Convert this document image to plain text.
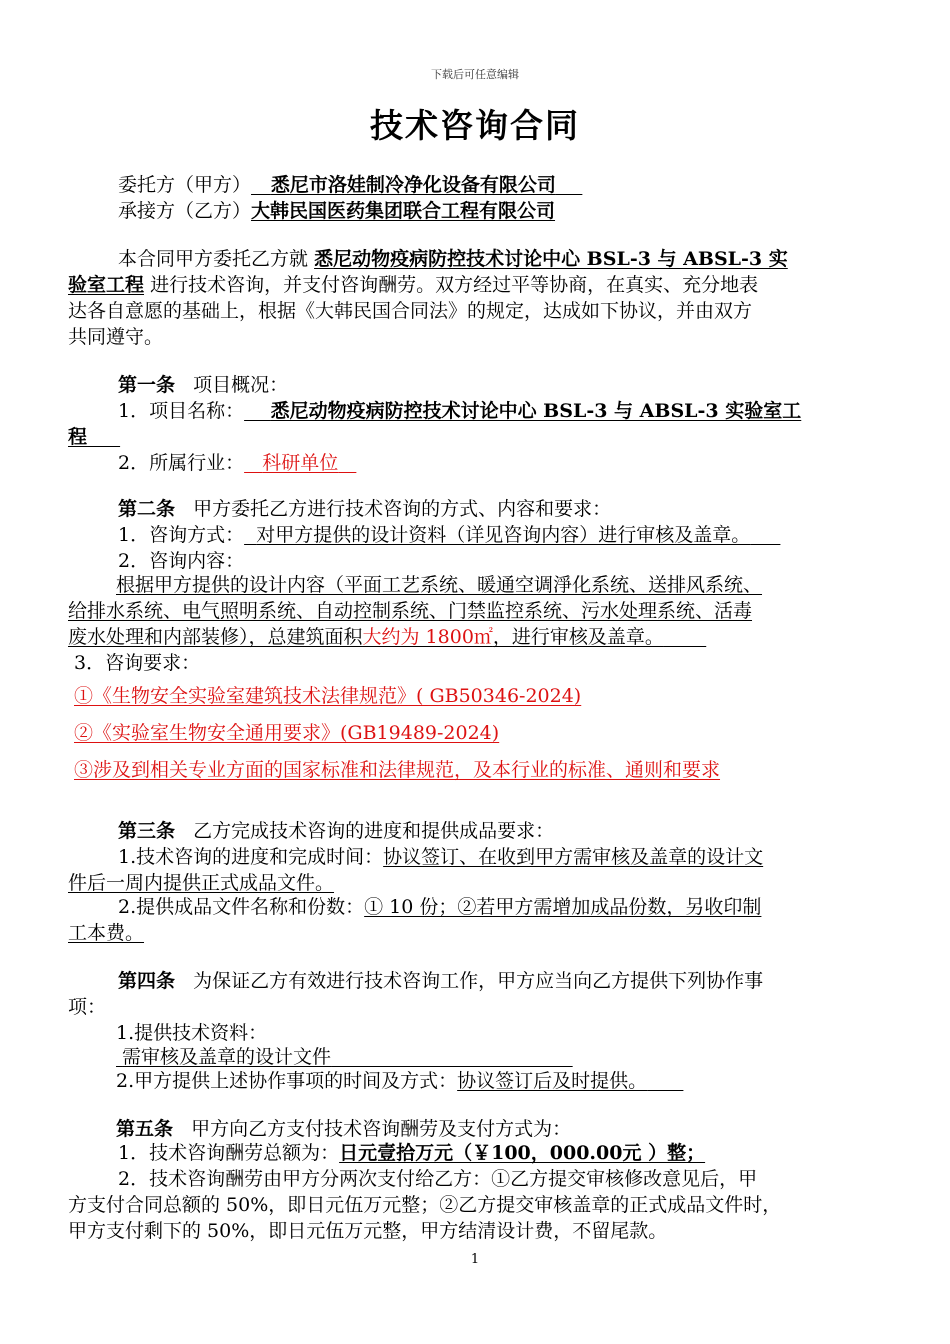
下载后可任意编辑
技术咨询合同
委托方（甲方） 悉尼市洛娃制冷净化设备有限公司
承接方（乙方）大韩民国医药集团联合工程有限公司
本合同甲方委托乙方就 悉尼动物疫病防控技术讨论中心 BSL-3 与 ABSL-3 实
验室工程 进行技术咨询，并支付咨询酬劳。双方经过平等协商，在真实、充分地表
达各自意愿的基础上，根据《大韩民国合同法》的规定，达成如下协议，并由双方
共同遵守。
第一条 项目概况：
1．项目名称： 悉尼动物疫病防控技术讨论中心 BSL-3 与 ABSL-3 实验室工
程
2．所属行业： 科研单位
第二条 甲方委托乙方进行技术咨询的方式、内容和要求：
1．咨询方式： 对甲方提供的设计资料（详见咨询内容）进行审核及盖章。
2．咨询内容：
根据甲方提供的设计内容（平面工艺系统、暖通空调淨化系统、送排风系统、
给排水系统、电气照明系统、自动控制系统、门禁监控系统、污水处理系统、活毒
废水处理和内部装修），总建筑面积大约为 1800㎡，进行审核及盖章。
3．咨询要求：
①《生物安全实验室建筑技术法律规范》( GB50346-2024)
②《实验室生物安全通用要求》(GB19489-2024)
③涉及到相关专业方面的国家标准和法律规范，及本行业的标准、通则和要求
第三条 乙方完成技术咨询的进度和提供成品要求：
1.技术咨询的进度和完成时间：协议签订、在收到甲方需审核及盖章的设计文
件后一周内提供正式成品文件。
2.提供成品文件名称和份数：① 10 份；②若甲方需增加成品份数，另收印制
工本费。
第四条 为保证乙方有效进行技术咨询工作，甲方应当向乙方提供下列协作事
项：
1.提供技术资料：
需审核及盖章的设计文件
2.甲方提供上述协作事项的时间及方式：协议签订后及时提供。
第五条 甲方向乙方支付技术咨询酬劳及支付方式为：
1．技术咨询酬劳总额为：日元壹拾万元（￥100，000.00元 ）整；
2．技术咨询酬劳由甲方分两次支付给乙方：①乙方提交审核修改意见后，甲
方支付合同总额的 50%，即日元伍万元整；②乙方提交审核盖章的正式成品文件时，
甲方支付剩下的 50%，即日元伍万元整，甲方结清设计费，不留尾款。
1
